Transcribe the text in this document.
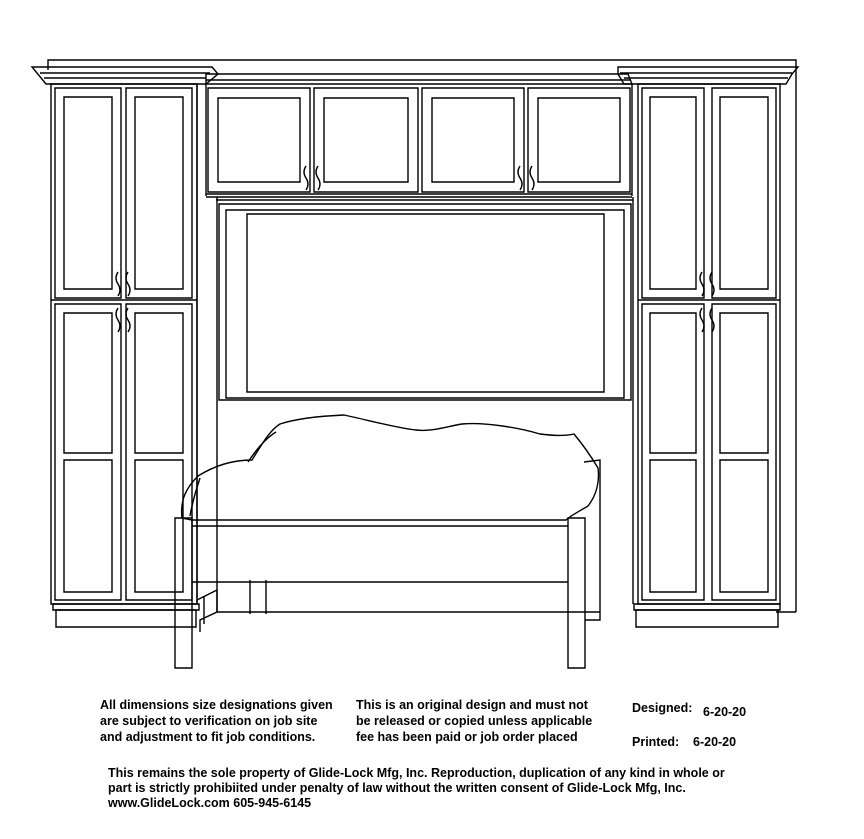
All dimensions size designations given are subject to verification on job site and adjustment to fit job conditions.
This is an original design and must not be released or copied unless applicable fee has been paid or job order placed
Designed: 6-20-20
Printed: 6-20-20
This remains the sole property of Glide-Lock Mfg, Inc. Reproduction, duplication of any kind in whole or
part is strictly prohibiited under penalty of law without the written consent of Glide-Lock Mfg, Inc.
www.GlideLock.com 605-945-6145
